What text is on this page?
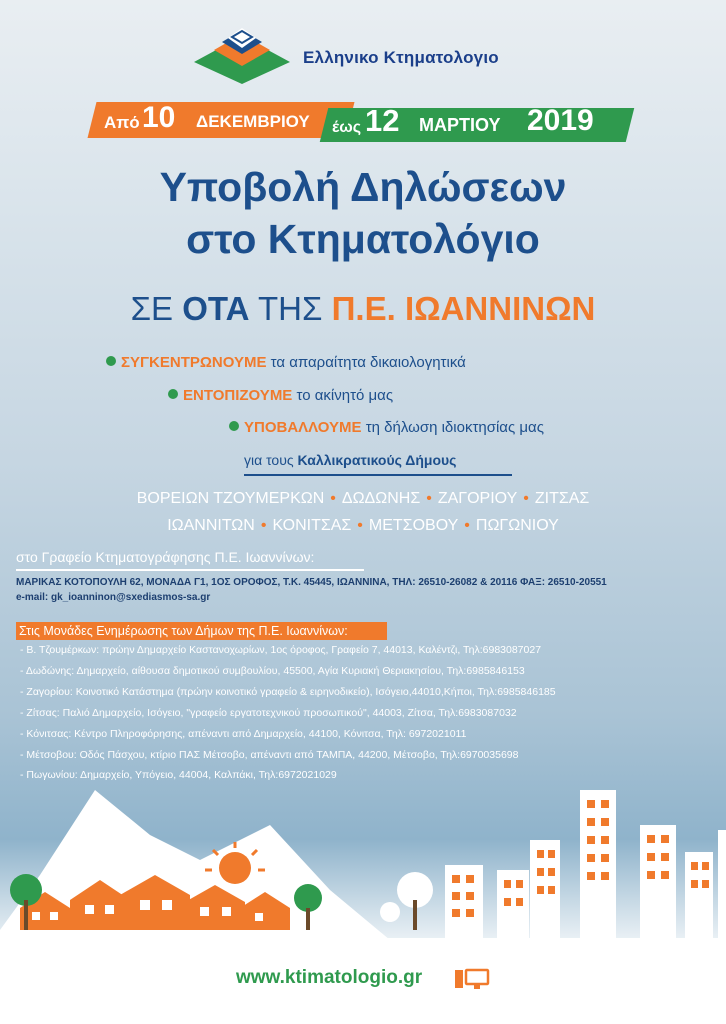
Ελληνικο Κτηματολογιο
Από 10 ΔΕΚΕΜΒΡΙΟΥ έως 12 ΜΑΡΤΙΟΥ 2019
Υποβολή Δηλώσεων
στο Κτηματολόγιο
ΣΕ ΟΤΑ ΤΗΣ Π.Ε. ΙΩΑΝΝΙΝΩΝ
ΣΥΓΚΕΝΤΡΩΝΟΥΜΕ τα απαραίτητα δικαιολογητικά
ΕΝΤΟΠΙΖΟΥΜΕ το ακίνητό μας
ΥΠΟΒΑΛΛΟΥΜΕ τη δήλωση ιδιοκτησίας μας
για τους Καλλικρατικούς Δήμους
ΒΟΡΕΙΩΝ ΤΖΟΥΜΕΡΚΩΝ • ΔΩΔΩΝΗΣ • ΖΑΓΟΡΙΟΥ • ΖΙΤΣΑΣ
ΙΩΑΝΝΙΤΩΝ • ΚΟΝΙΤΣΑΣ • ΜΕΤΣΟΒΟΥ • ΠΩΓΩΝΙΟΥ
στο Γραφείο Κτηματογράφησης Π.Ε. Ιωαννίνων:
ΜΑΡΙΚΑΣ ΚΟΤΟΠΟΥΛΗ 62, ΜΟΝΑΔΑ Γ1, 1ΟΣ ΟΡΟΦΟΣ, Τ.Κ. 45445, ΙΩΑΝΝΙΝΑ, ΤΗΛ: 26510-26082 & 20116 ΦΑΞ: 26510-20551
e-mail: gk_ioanninon@sxediasmos-sa.gr
Στις Μονάδες Ενημέρωσης των Δήμων της Π.Ε. Ιωαννίνων:
- Β. Τζουμέρκων: πρώην Δημαρχείο Καστανοχωρίων, 1ος όροφος, Γραφείο 7, 44013, Καλέντζι, Τηλ:6983087027
- Δωδώνης: Δημαρχείο, αίθουσα δημοτικού συμβουλίου, 45500, Αγία Κυριακή Θεριακησίου, Τηλ:6985846153
- Ζαγορίου: Κοινοτικό Κατάστημα (πρώην κοινοτικό γραφείο & ειρηνοδικείο), Ισόγειο,44010,Κήποι, Τηλ:6985846185
- Ζίτσας: Παλιό Δημαρχείο, Ισόγειο, "γραφείο εργατοτεχνικού προσωπικού", 44003, Ζίτσα, Τηλ:6983087032
- Κόνιτσας: Κέντρο Πληροφόρησης, απέναντι από Δημαρχείο, 44100, Κόνιτσα, Τηλ: 6972021011
- Μέτσοβου: Οδός Πάσχου, κτίριο ΠΑΣ Μέτσοβο, απέναντι από ΤΑΜΠΑ, 44200, Μέτσοβο, Τηλ:6970035698
- Πωγωνίου: Δημαρχείο, Υπόγειο, 44004, Καλπάκι, Τηλ:6972021029
www.ktimatologio.gr
